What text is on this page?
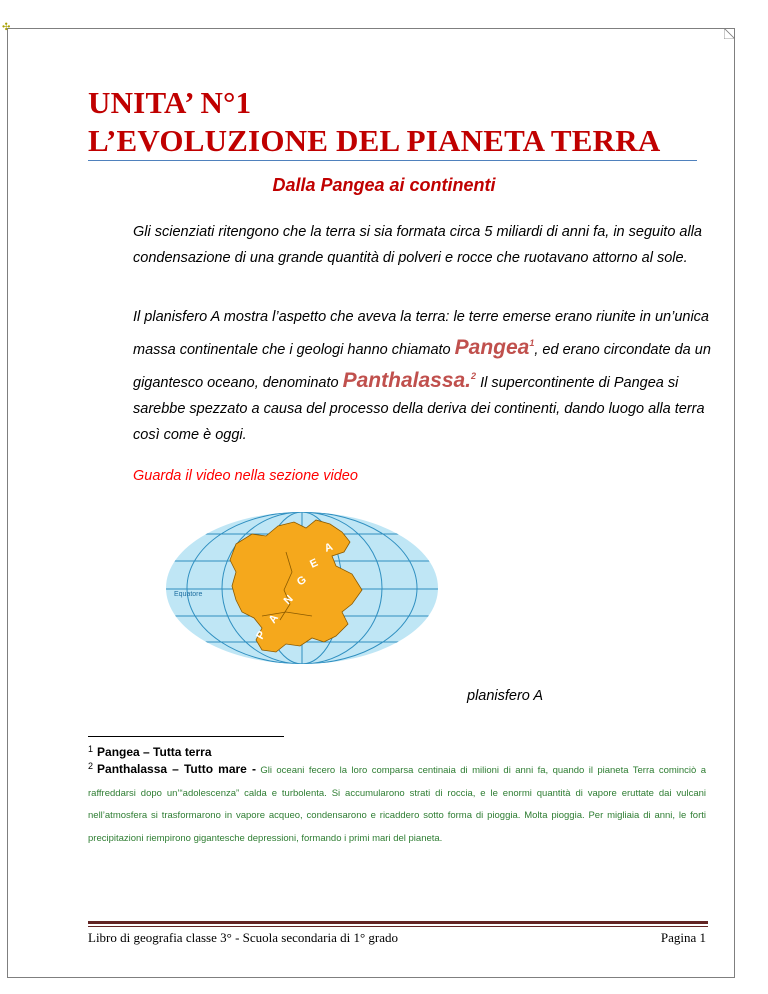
✣
UNITA’ N°1
L’EVOLUZIONE DEL PIANETA TERRA
Dalla Pangea ai continenti

Gli scienziati ritengono che la terra si sia formata circa 5 miliardi di anni fa, in seguito alla condensazione di una grande quantità di polveri e rocce che ruotavano attorno al sole.

Il planisfero A mostra l’aspetto che aveva la terra: le terre emerse erano riunite in un’unica massa continentale che i geologi hanno chiamato Pangea$^1$, ed erano circondate da un gigantesco oceano, denominato Panthalassa.$^2$ Il supercontinente di Pangea si sarebbe spezzato a causa del processo della deriva dei continenti, dando luogo alla terra così come è oggi.

Guarda il video nella sezione video

P
A
N
G
E
A
Equatore

planisfero A

1 Pangea – Tutta terra

2 Panthalassa – Tutto mare - Gli oceani fecero la loro comparsa centinaia di milioni di anni fa, quando il pianeta Terra cominciò a raffreddarsi dopo un’“adolescenza” calda e turbolenta. Si accumularono strati di roccia, e le enormi quantità di vapore eruttate dai vulcani nell’atmosfera si trasformarono in vapore acqueo, condensarono e ricaddero sotto forma di pioggia. Molta pioggia. Per migliaia di anni, le forti precipitazioni riempirono gigantesche depressioni, formando i primi mari del pianeta.

Libro di geografia classe 3° - Scuola secondaria di 1° grado	Pagina 1
